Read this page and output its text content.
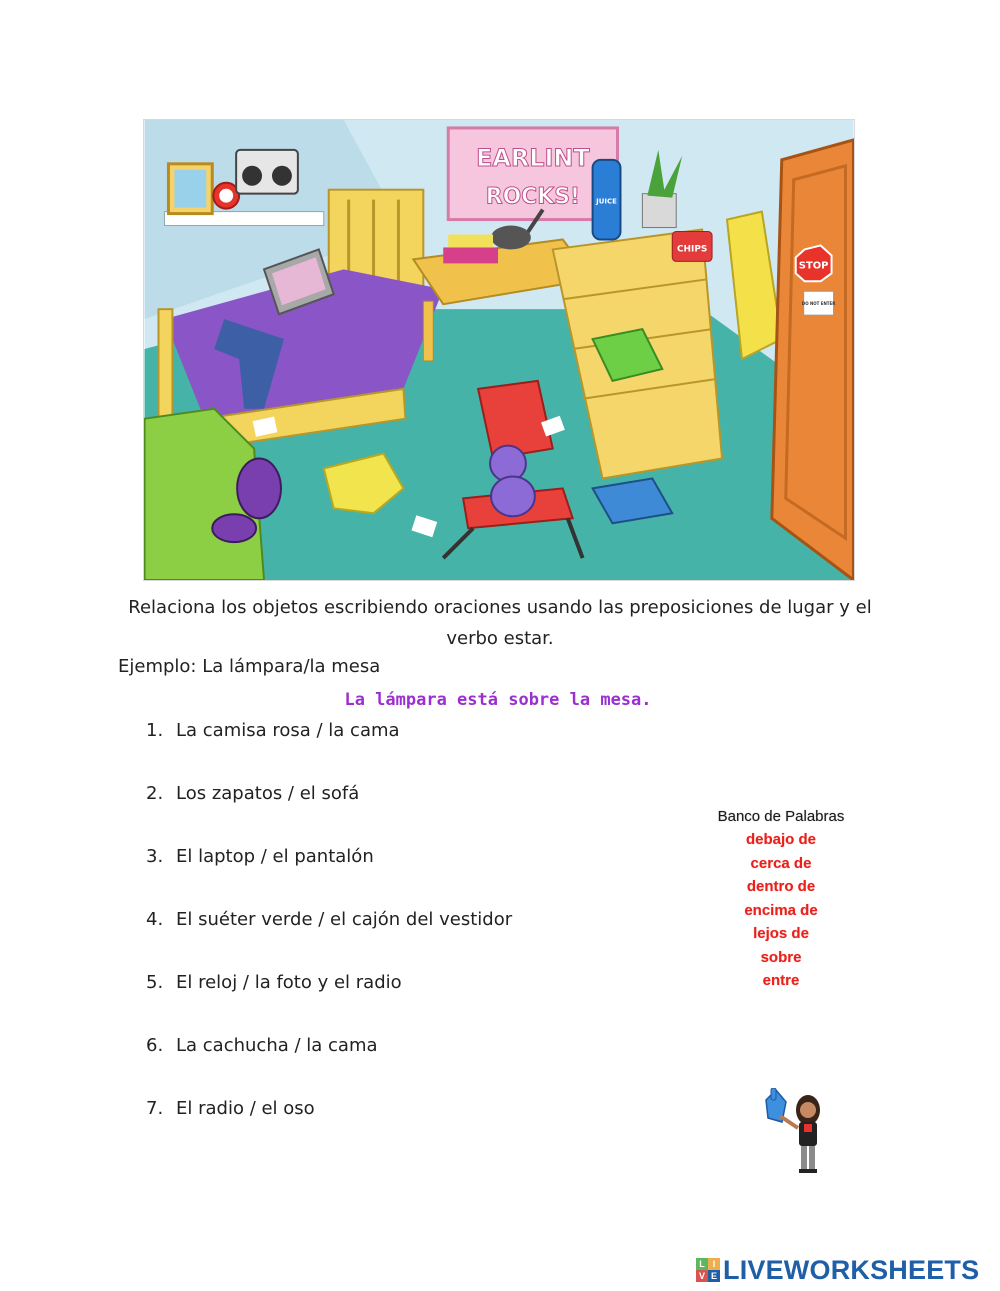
EARLINT
ROCKS! JUICE
CHIPS
STOP
DO NOT ENTER
Relaciona los objetos escribiendo oraciones usando las preposiciones de lugar y el
verbo estar.
Ejemplo: La lámpara/la mesa
La lámpara está sobre la mesa.
1. La camisa rosa / la cama
2. Los zapatos / el sofá
3. El laptop / el pantalón
4. El suéter verde / el cajón del vestidor
5. El reloj / la foto y el radio
6. La cachucha / la cama
7. El radio / el oso
Banco de Palabras
debajo de
cerca de
dentro de
encima de
lejos de
sobre
entre
L I
V E LIVEWORKSHEETS
